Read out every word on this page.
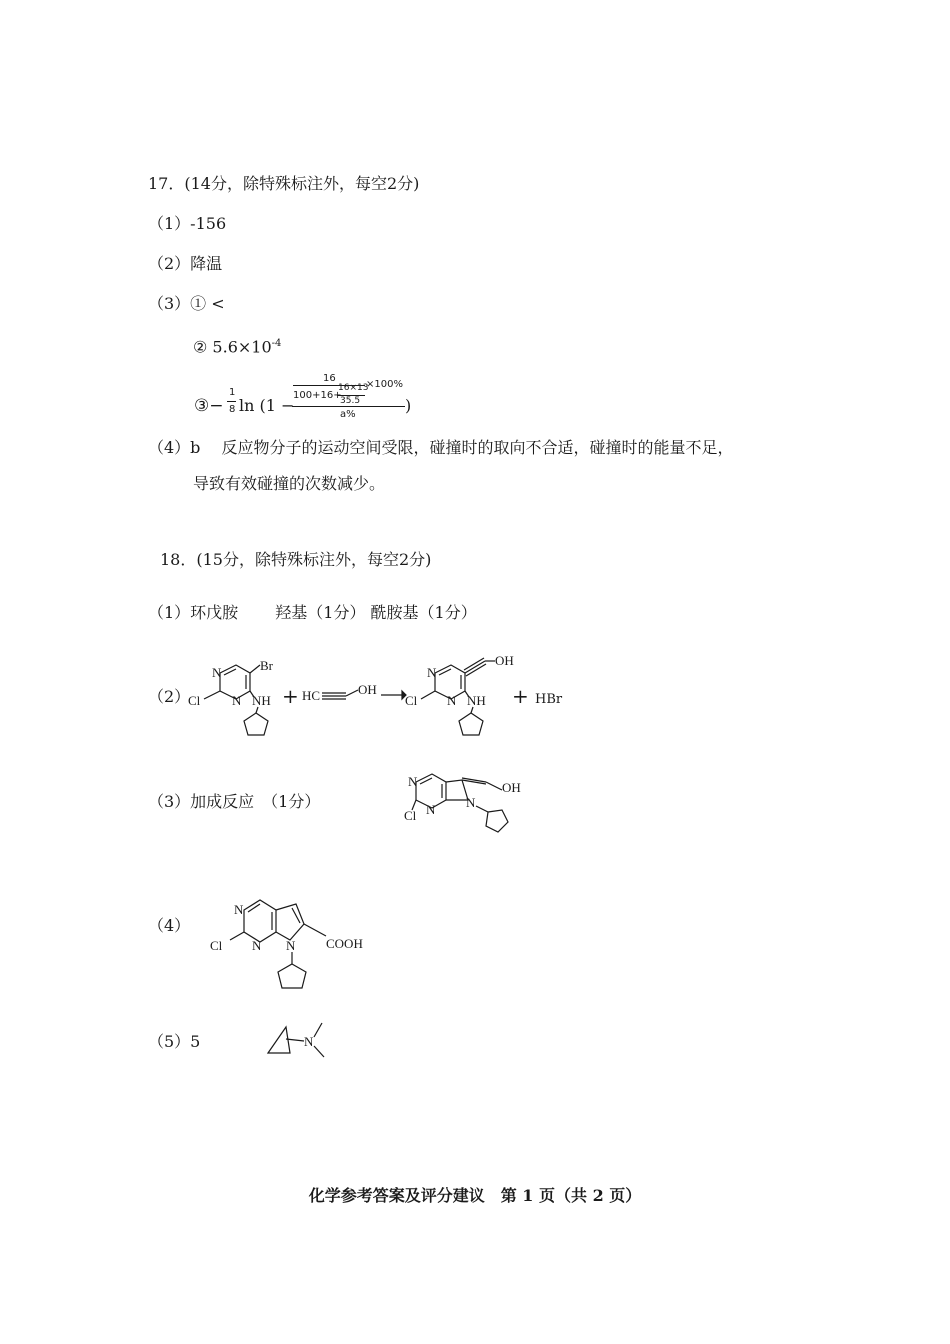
17．(14分，除特殊标注外，每空2分)
（1）-156
（2）降温
（3）① <
② $5.6\times 10^{-4}$
③−
1
8 ln (1 −
16
100+16+
16×13
35.5
×100%
a%	)
（4）b　 反应物分子的运动空间受限，碰撞时的取向不合适，碰撞时的能量不足，
导致有效碰撞的次数减少。
18．(15分，除特殊标注外，每空2分)
（1）环戊胺　　 羟基（1分） 酰胺基（1分）
（2）
Br
N
N
Cl	NH + HC	OH →
OH
N
N
Cl	NH + HBr
（3）加成反应　（1分）
OH
N
N N
Cl
（4）
COOH
N
N N
Cl
（5）5	N
化学参考答案及评分建议　第 1 页（共 2 页）
